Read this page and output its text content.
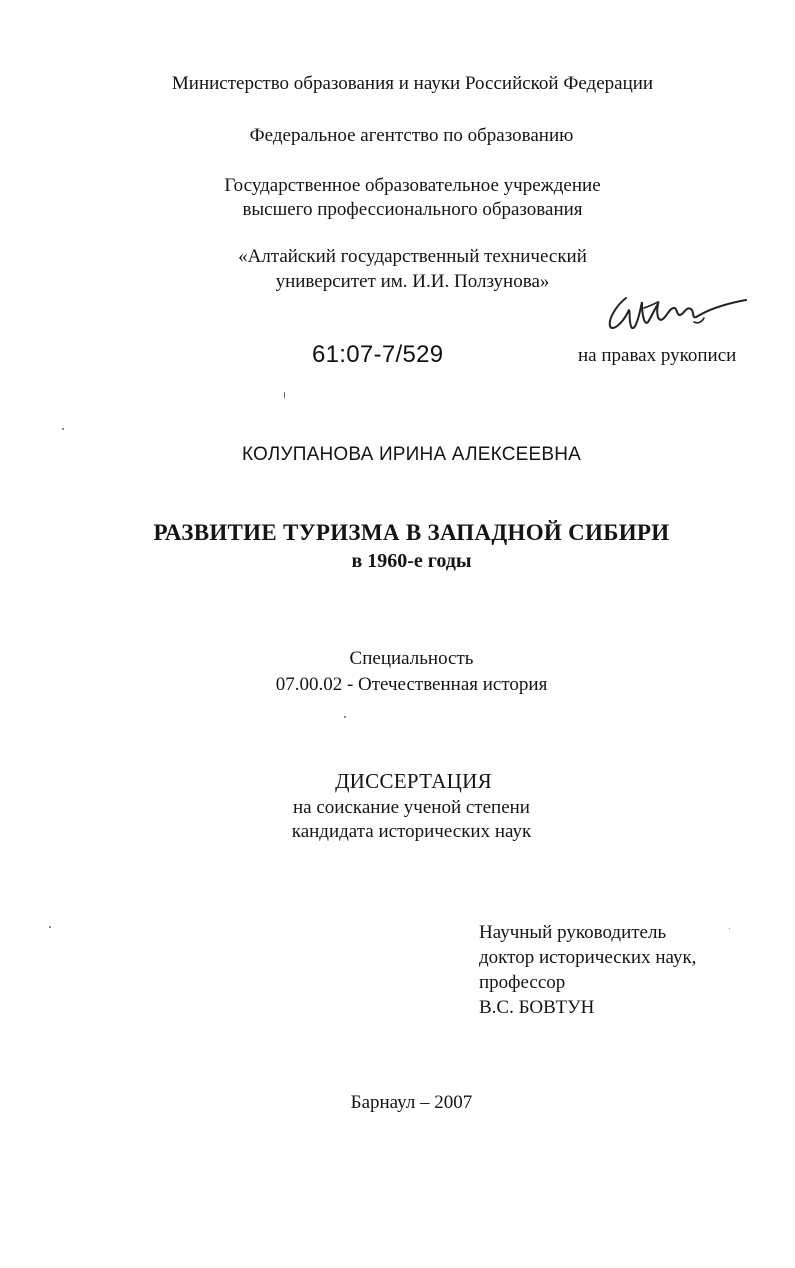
Министерство образования и науки Российской Федерации
Федеральное агентство по образованию
Государственное образовательное учреждение
высшего профессионального образования
«Алтайский государственный технический
университет им. И.И. Ползунова»
61:07-7/529	на правах рукописи
КОЛУПАНОВА ИРИНА АЛЕКСЕЕВНА
РАЗВИТИЕ ТУРИЗМА В ЗАПАДНОЙ СИБИРИ
в 1960-е годы
Специальность
07.00.02 - Отечественная история
ДИССЕРТАЦИЯ
на соискание ученой степени
кандидата исторических наук
Научный руководитель
доктор исторических наук,
профессор
В.С. БОВТУН
Барнаул – 2007
